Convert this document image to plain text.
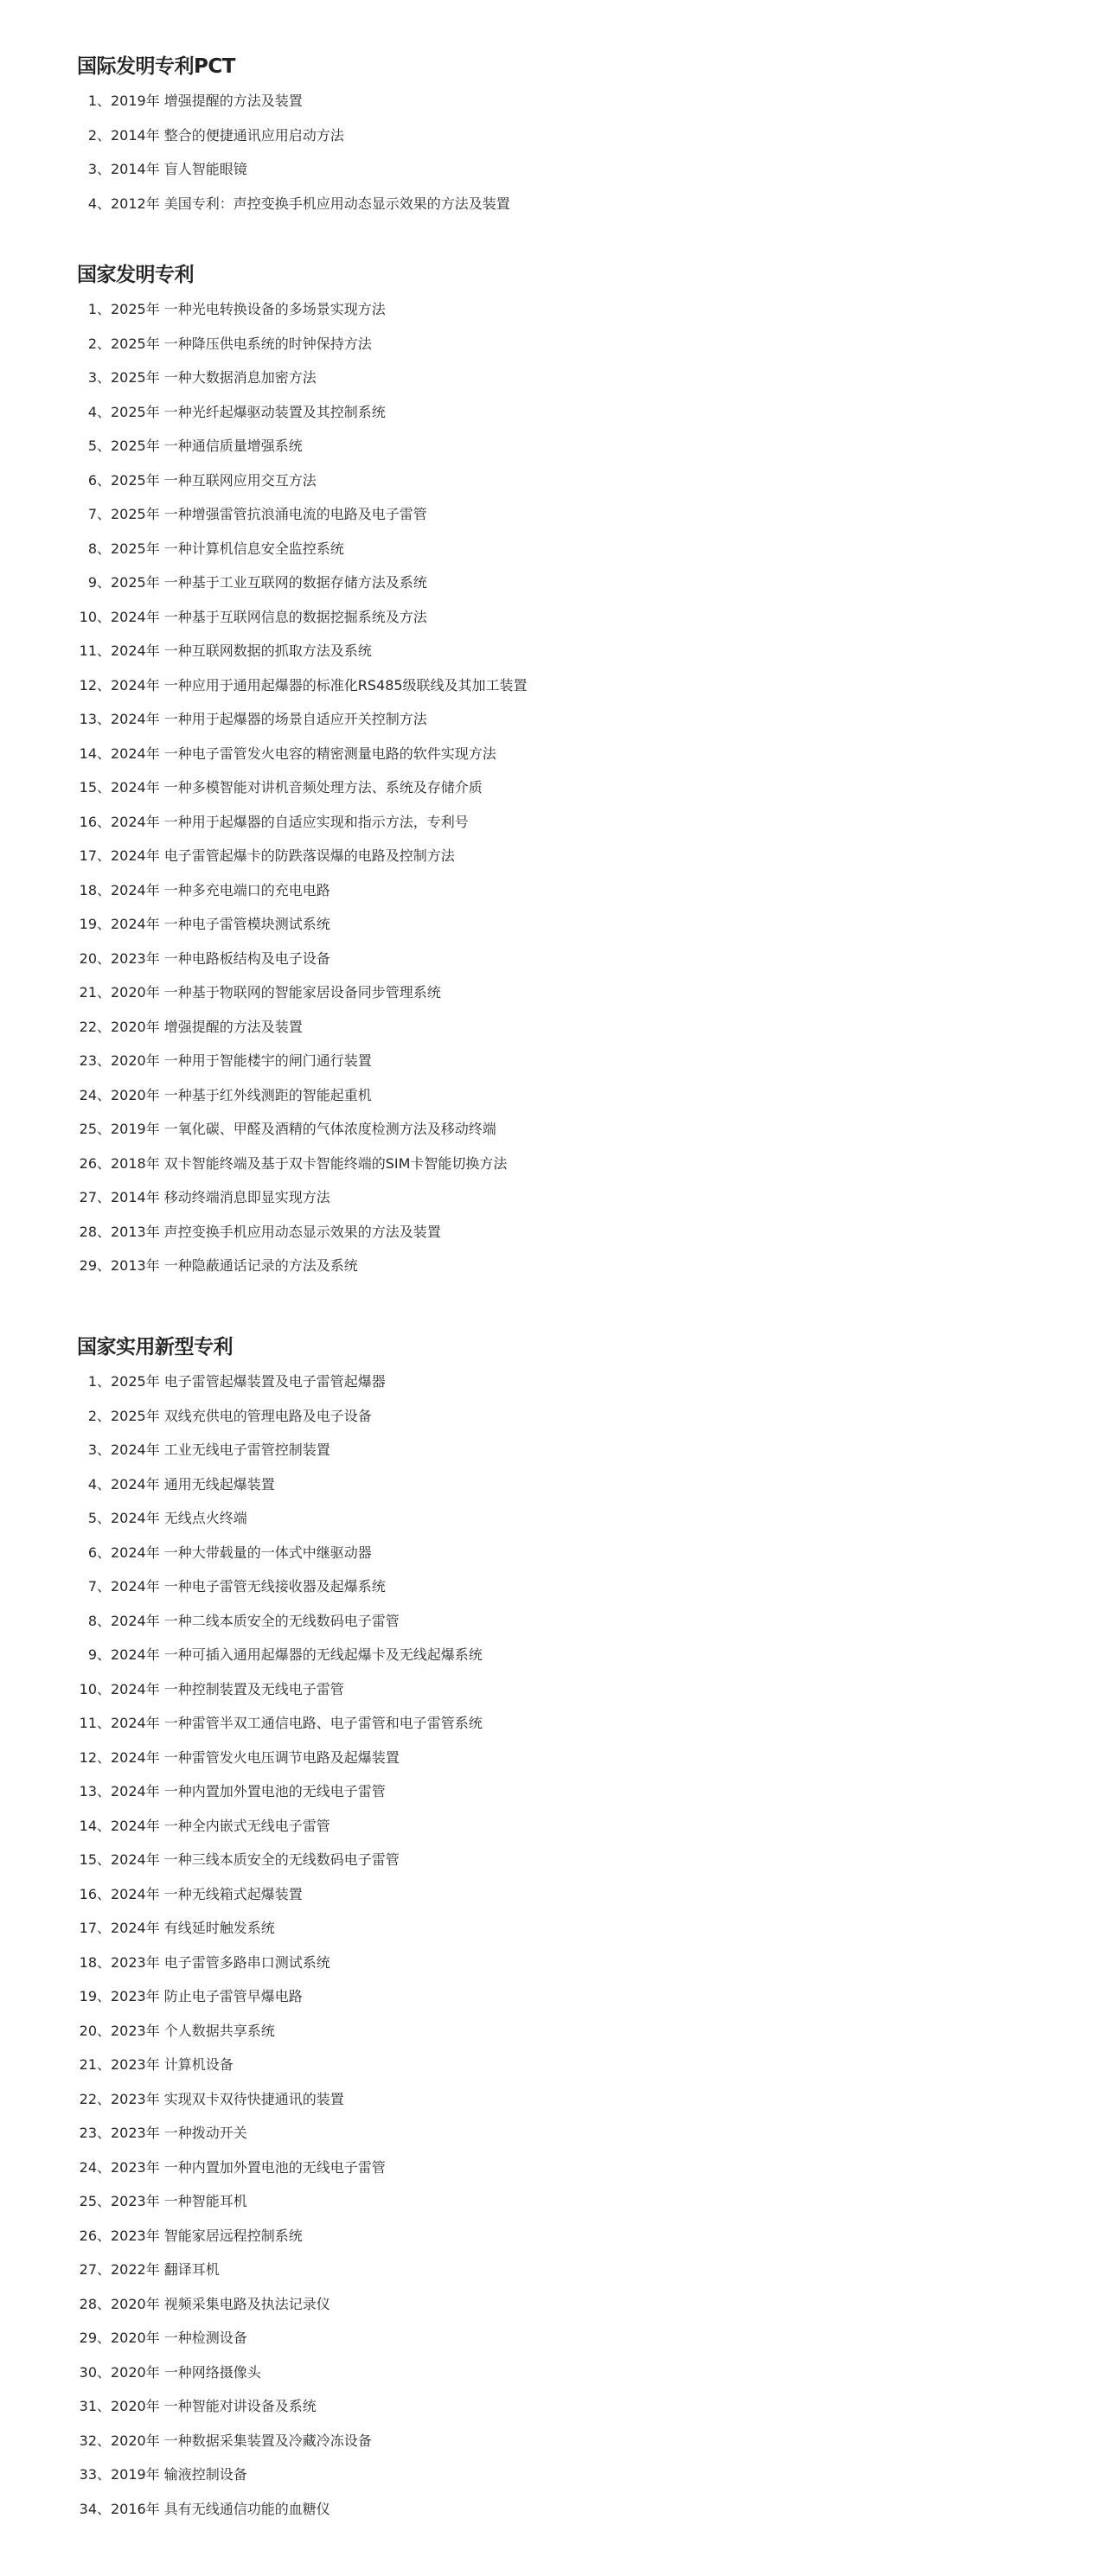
国际发明专利PCT
1、 2019年 增强提醒的方法及装置
2、 2014年 整合的便捷通讯应用启动方法
3、 2014年 盲人智能眼镜
4、 2012年 美国专利：声控变换手机应用动态显示效果的方法及装置
国家发明专利
1、 2025年 一种光电转换设备的多场景实现方法
2、 2025年 一种降压供电系统的时钟保持方法
3、 2025年 一种大数据消息加密方法
4、 2025年 一种光纤起爆驱动装置及其控制系统
5、 2025年 一种通信质量增强系统
6、 2025年 一种互联网应用交互方法
7、 2025年 一种增强雷管抗浪涌电流的电路及电子雷管
8、 2025年 一种计算机信息安全监控系统
9、 2025年 一种基于工业互联网的数据存储方法及系统
10、 2024年 一种基于互联网信息的数据挖掘系统及方法
11、 2024年 一种互联网数据的抓取方法及系统
12、 2024年 一种应用于通用起爆器的标准化RS485级联线及其加工装置
13、 2024年 一种用于起爆器的场景自适应开关控制方法
14、 2024年 一种电子雷管发火电容的精密测量电路的软件实现方法
15、 2024年 一种多模智能对讲机音频处理方法、系统及存储介质
16、 2024年 一种用于起爆器的自适应实现和指示方法，专利号
17、 2024年 电子雷管起爆卡的防跌落误爆的电路及控制方法
18、 2024年 一种多充电端口的充电电路
19、 2024年 一种电子雷管模块测试系统
20、 2023年 一种电路板结构及电子设备
21、 2020年 一种基于物联网的智能家居设备同步管理系统
22、 2020年 增强提醒的方法及装置
23、 2020年 一种用于智能楼宇的闸门通行装置
24、 2020年 一种基于红外线测距的智能起重机
25、 2019年 一氧化碳、甲醛及酒精的气体浓度检测方法及移动终端
26、 2018年 双卡智能终端及基于双卡智能终端的SIM卡智能切换方法
27、 2014年 移动终端消息即显实现方法
28、 2013年 声控变换手机应用动态显示效果的方法及装置
29、 2013年 一种隐蔽通话记录的方法及系统
国家实用新型专利
1、 2025年 电子雷管起爆装置及电子雷管起爆器
2、 2025年 双线充供电的管理电路及电子设备
3、 2024年 工业无线电子雷管控制装置
4、 2024年 通用无线起爆装置
5、 2024年 无线点火终端
6、 2024年 一种大带载量的一体式中继驱动器
7、 2024年 一种电子雷管无线接收器及起爆系统
8、 2024年 一种二线本质安全的无线数码电子雷管
9、 2024年 一种可插入通用起爆器的无线起爆卡及无线起爆系统
10、 2024年 一种控制装置及无线电子雷管
11、 2024年 一种雷管半双工通信电路、电子雷管和电子雷管系统
12、 2024年 一种雷管发火电压调节电路及起爆装置
13、 2024年 一种内置加外置电池的无线电子雷管
14、 2024年 一种全内嵌式无线电子雷管
15、 2024年 一种三线本质安全的无线数码电子雷管
16、 2024年 一种无线箱式起爆装置
17、 2024年 有线延时触发系统
18、 2023年 电子雷管多路串口测试系统
19、 2023年 防止电子雷管早爆电路
20、 2023年 个人数据共享系统
21、 2023年 计算机设备
22、 2023年 实现双卡双待快捷通讯的装置
23、 2023年 一种拨动开关
24、 2023年 一种内置加外置电池的无线电子雷管
25、 2023年 一种智能耳机
26、 2023年 智能家居远程控制系统
27、 2022年 翻译耳机
28、 2020年 视频采集电路及执法记录仪
29、 2020年 一种检测设备
30、 2020年 一种网络摄像头
31、 2020年 一种智能对讲设备及系统
32、 2020年 一种数据采集装置及冷藏冷冻设备
33、 2019年 输液控制设备
34、 2016年 具有无线通信功能的血糖仪
